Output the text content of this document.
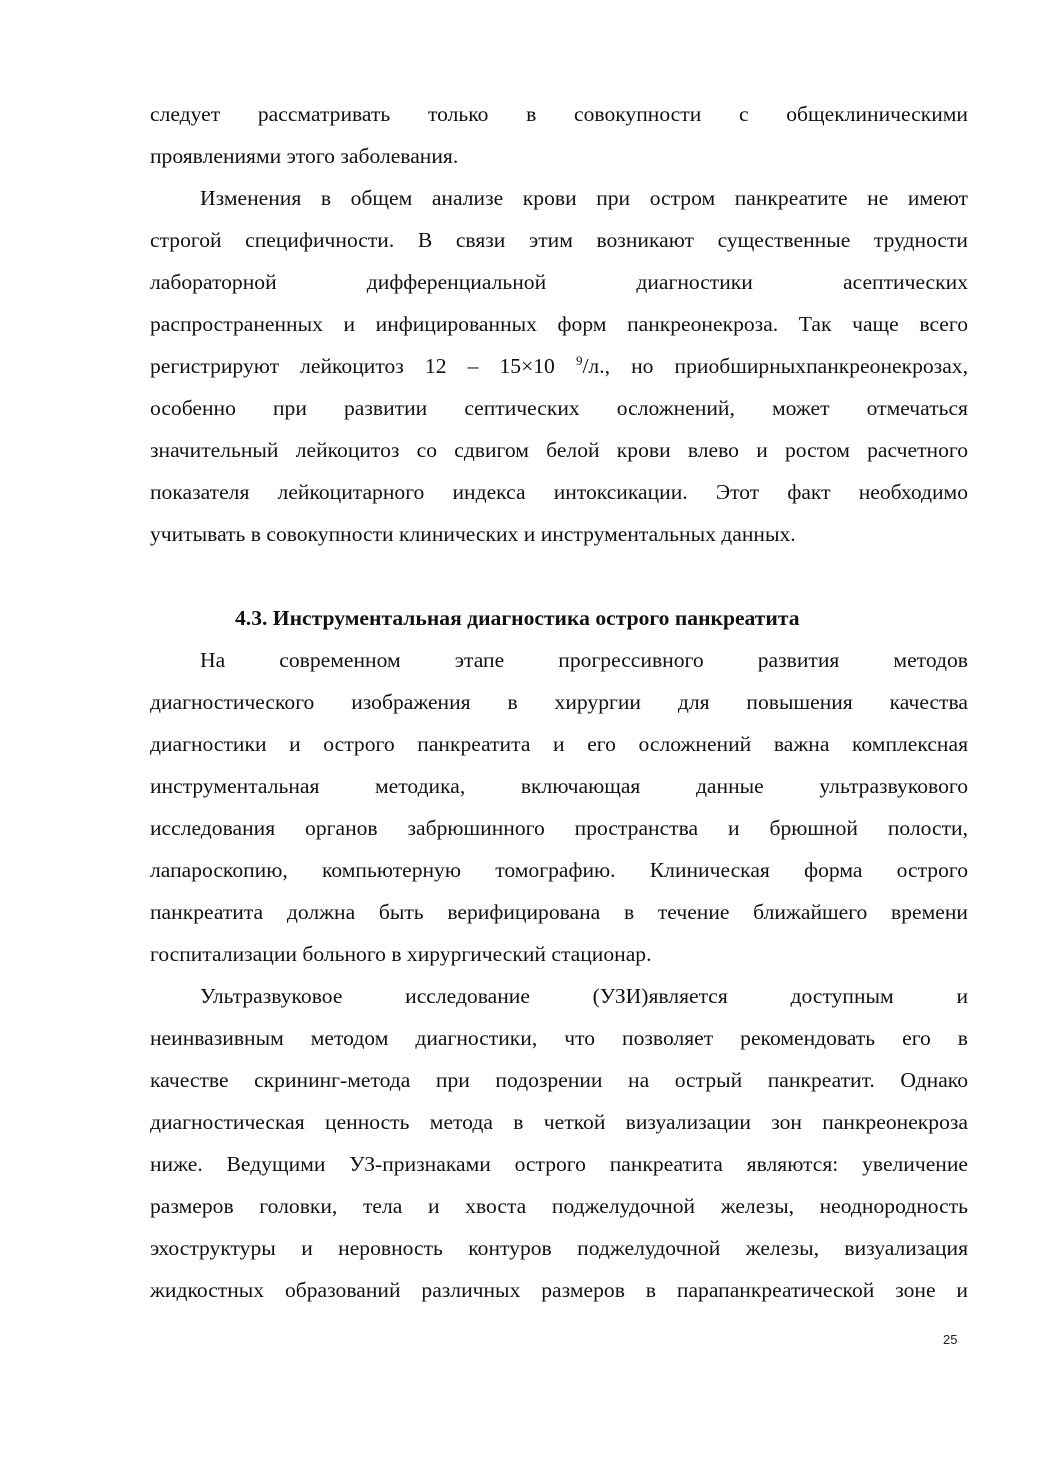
следует рассматривать только в совокупности с общеклиническими
проявлениями этого заболевания.
Изменения в общем анализе крови при остром панкреатите не имеют
строгой специфичности. В связи этим возникают существенные трудности
лабораторной дифференциальной диагностики асептических
распространенных и инфицированных форм панкреонекроза. Так чаще всего
регистрируют лейкоцитоз 12 – 15×10 $^9$/л., но приобширныхпанкреонекрозах,
особенно при развитии септических осложнений, может отмечаться
значительный лейкоцитоз со сдвигом белой крови влево и ростом расчетного
показателя лейкоцитарного индекса интоксикации. Этот факт необходимо
учитывать в совокупности клинических и инструментальных данных.
4.3. Инструментальная диагностика острого панкреатита
На современном этапе прогрессивного развития методов
диагностического изображения в хирургии для повышения качества
диагностики и острого панкреатита и его осложнений важна комплексная
инструментальная методика, включающая данные ультразвукового
исследования органов забрюшинного пространства и брюшной полости,
лапароскопию, компьютерную томографию. Клиническая форма острого
панкреатита должна быть верифицирована в течение ближайшего времени
госпитализации больного в хирургический стационар.
Ультразвуковое исследование (УЗИ)является доступным и
неинвазивным методом диагностики, что позволяет рекомендовать его в
качестве скрининг-метода при подозрении на острый панкреатит. Однако
диагностическая ценность метода в четкой визуализации зон панкреонекроза
ниже. Ведущими УЗ-признаками острого панкреатита являются: увеличение
размеров головки, тела и хвоста поджелудочной железы, неоднородность
эхоструктуры и неровность контуров поджелудочной железы, визуализация
жидкостных образований различных размеров в парапанкреатической зоне и
25
